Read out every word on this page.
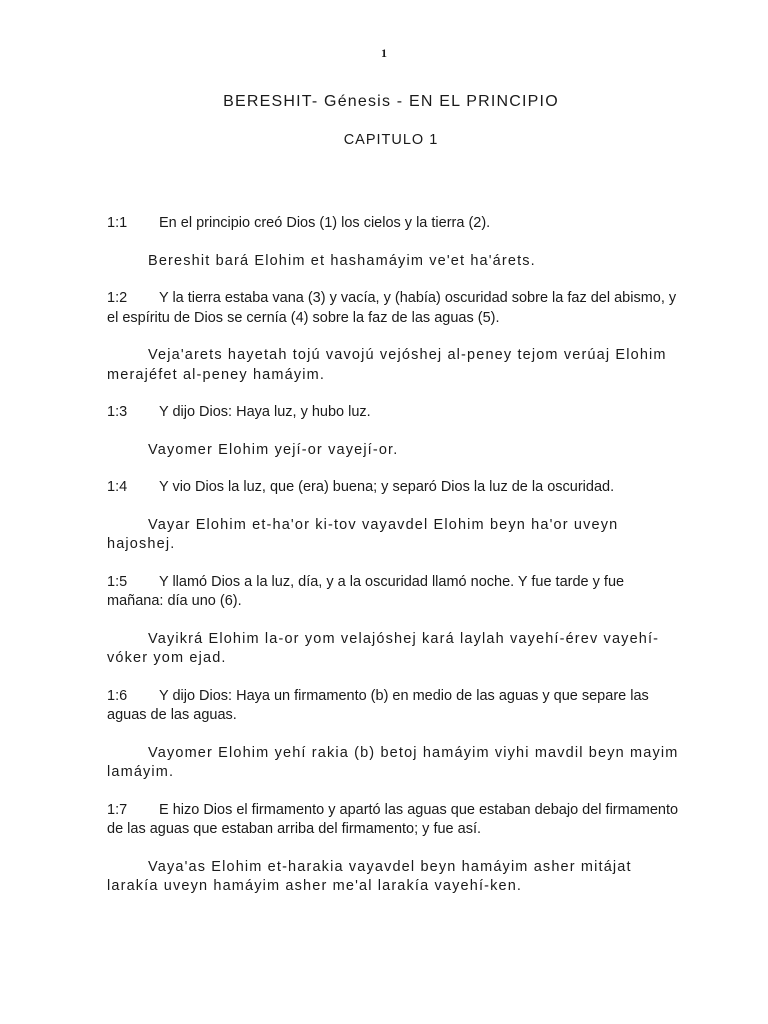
1
BERESHIT- Génesis - EN EL PRINCIPIO
CAPITULO 1

1:1 En el principio creó Dios (1) los cielos y la tierra (2).

Bereshit bará Elohim et hashamáyim ve'et ha'árets.

1:2 Y la tierra estaba vana (3) y vacía, y (había) oscuridad sobre la faz del abismo, y el espíritu de Dios se cernía (4) sobre la faz de las aguas (5).

Veja'arets hayetah tojú vavojú vejóshej al-peney tejom verúaj Elohim merajéfet al-peney hamáyim.

1:3 Y dijo Dios: Haya luz, y hubo luz.

Vayomer Elohim yejí-or vayejí-or.

1:4 Y vio Dios la luz, que (era) buena; y separó Dios la luz de la oscuridad.

Vayar Elohim et-ha'or ki-tov vayavdel Elohim beyn ha'or uveyn hajoshej.

1:5 Y llamó Dios a la luz, día, y a la oscuridad llamó noche. Y fue tarde y fue mañana: día uno (6).

Vayikrá Elohim la-or yom velajóshej kará laylah vayehí-érev vayehí-vóker yom ejad.

1:6 Y dijo Dios: Haya un firmamento (b) en medio de las aguas y que separe las aguas de las aguas.

Vayomer Elohim yehí rakia (b) betoj hamáyim viyhi mavdil beyn mayim lamáyim.

1:7 E hizo Dios el firmamento y apartó las aguas que estaban debajo del firmamento de las aguas que estaban arriba del firmamento; y fue así.

Vaya'as Elohim et-harakia vayavdel beyn hamáyim asher mitájat larakía uveyn hamáyim asher me'al larakía vayehí-ken.
